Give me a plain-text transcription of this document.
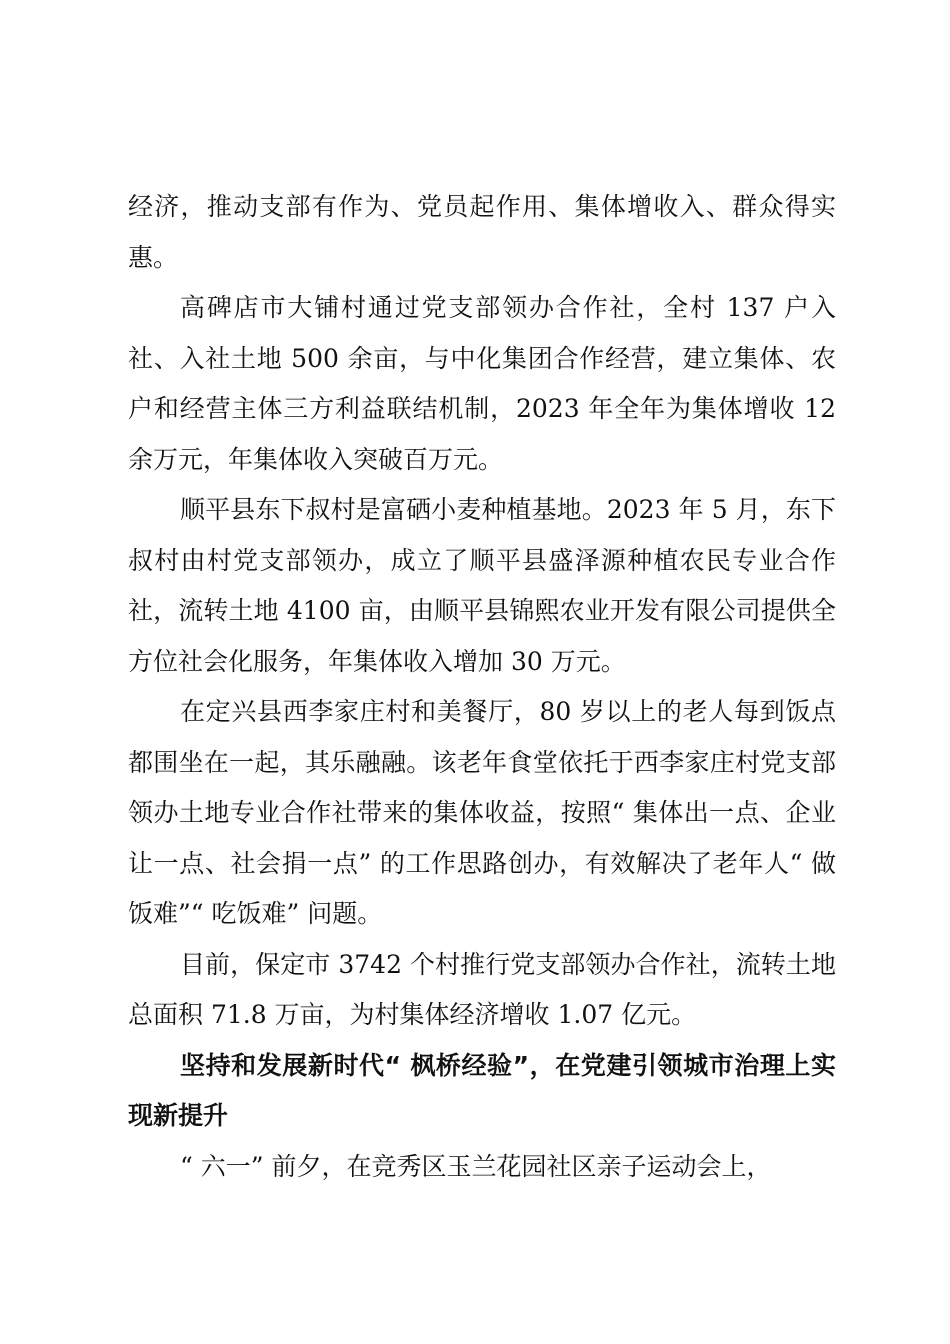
经济，推动支部有作为、党员起作用、集体增收入、群众得实惠。

高碑店市大铺村通过党支部领办合作社，全村 137 户入社、入社土地 500 余亩，与中化集团合作经营，建立集体、农户和经营主体三方利益联结机制，2023 年全年为集体增收 12 余万元，年集体收入突破百万元。

顺平县东下叔村是富硒小麦种植基地。2023 年 5 月，东下叔村由村党支部领办，成立了顺平县盛泽源种植农民专业合作社，流转土地 4100 亩，由顺平县锦熙农业开发有限公司提供全方位社会化服务，年集体收入增加 30 万元。

在定兴县西李家庄村和美餐厅，80 岁以上的老人每到饭点都围坐在一起，其乐融融。该老年食堂依托于西李家庄村党支部领办土地专业合作社带来的集体收益，按照“ 集体出一点、企业让一点、社会捐一点” 的工作思路创办，有效解决了老年人“ 做饭难”“ 吃饭难” 问题。

目前，保定市 3742 个村推行党支部领办合作社，流转土地总面积 71.8 万亩，为村集体经济增收 1.07 亿元。

坚持和发展新时代“ 枫桥经验”，在党建引领城市治理上实现新提升

“ 六一” 前夕，在竞秀区玉兰花园社区亲子运动会上，
